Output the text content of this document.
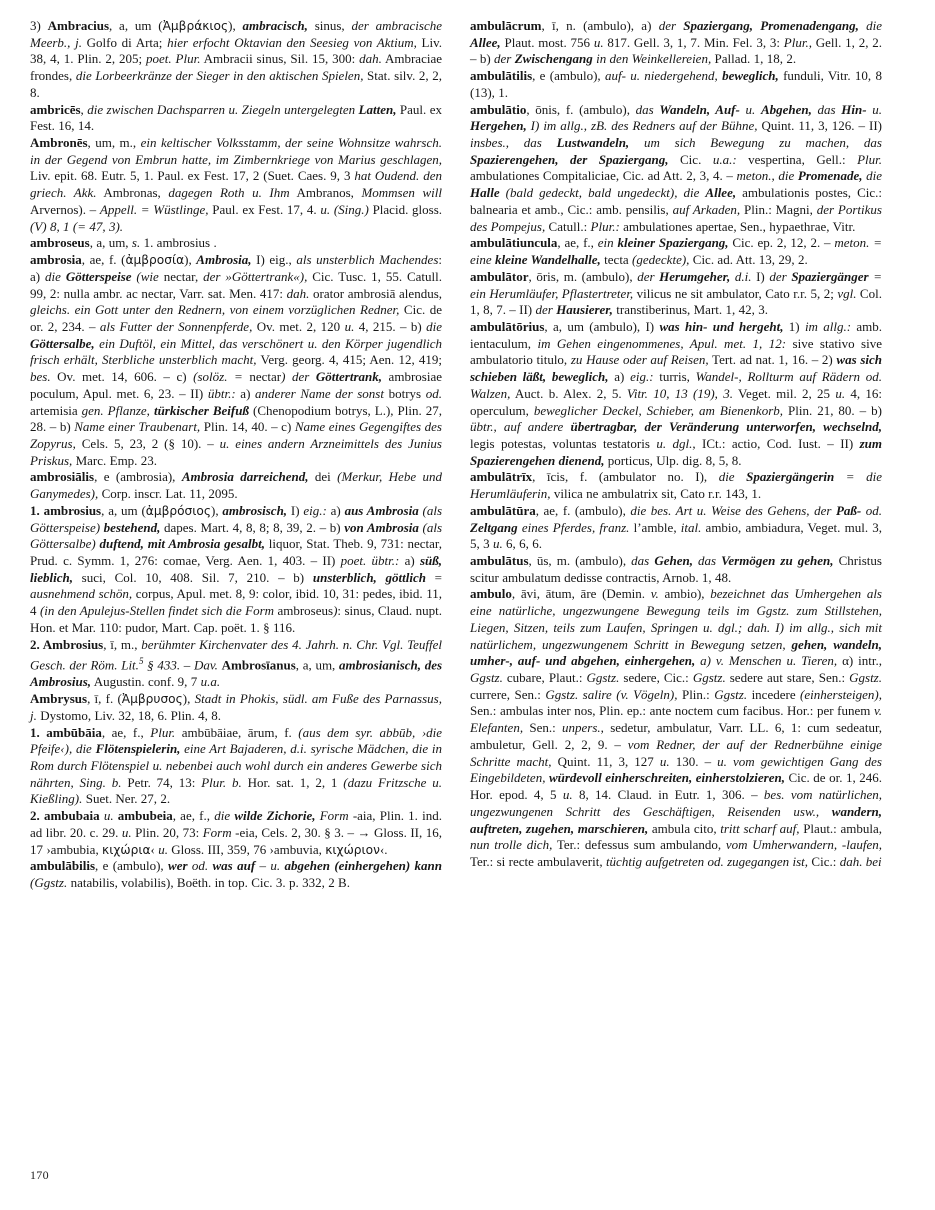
3) Ambracius, a, um (Ἀμβράκιος), ambracisch, sinus, der ambracische Meerb., j. Golfo di Arta; hier erfocht Oktavian den Seesieg von Aktium, Liv. 38, 4, 1. Plin. 2, 205; poet. Plur. Ambracii sinus, Sil. 15, 300: dah. Ambraciae frondes, die Lorbeerkränze der Sieger in den aktischen Spielen, Stat. silv. 2, 2, 8.

ambricēs, die zwischen Dachsparren u. Ziegeln untergelegten Latten, Paul. ex Fest. 16, 14.

Ambronēs, um, m., ein keltischer Volksstamm, der seine Wohnsitze wahrsch. in der Gegend von Embrun hatte, im Zimbernkriege von Marius geschlagen, Liv. epit. 68. Eutr. 5, 1. Paul. ex Fest. 17, 2 (Suet. Caes. 9, 3 hat Oudend. den griech. Akk. Ambronas, dagegen Roth u. Ihm Ambranos, Mommsen will Arvernos). – Appell. = Wüstlinge, Paul. ex Fest. 17, 4. u. (Sing.) Placid. gloss. (V) 8, 1 (= 47, 3).

ambroseus, a, um, s. 1. ambrosius .

ambrosia, ae, f. (ἀμβροσία), Ambrosia, I) eig., als unsterblich Machendes: a) die Götterspeise (wie nectar, der »Göttertrank«), Cic. Tusc. 1, 55. Catull. 99, 2: nulla ambr. ac nectar, Varr. sat. Men. 417: dah. orator ambrosiā alendus, gleichs. ein Gott unter den Rednern, von einem vorzüglichen Redner, Cic. de or. 2, 234. – als Futter der Sonnenpferde, Ov. met. 2, 120 u. 4, 215. – b) die Göttersalbe, ein Duftöl, ein Mittel, das verschönert u. den Körper jugendlich frisch erhält, Sterbliche unsterblich macht, Verg. georg. 4, 415; Aen. 12, 419; bes. Ov. met. 14, 606. – c) (solöz. = nectar) der Göttertrank, ambrosiae poculum, Apul. met. 6, 23. – II) übtr.: a) anderer Name der sonst botrys od. artemisia gen. Pflanze, türkischer Beifuß (Chenopodium botrys, L.), Plin. 27, 28. – b) Name einer Traubenart, Plin. 14, 40. – c) Name eines Gegengiftes des Zopyrus, Cels. 5, 23, 2 (§ 10). – u. eines andern Arzneimittels des Junius Priskus, Marc. Emp. 23.

ambrosiālis, e (ambrosia), Ambrosia darreichend, dei (Merkur, Hebe und Ganymedes), Corp. inscr. Lat. 11, 2095.

1. ambrosius, a, um (ἀμβρόσιος), ambrosisch, I) eig.: a) aus Ambrosia (als Götterspeise) bestehend, dapes. Mart. 4, 8, 8; 8, 39, 2. – b) von Ambrosia (als Göttersalbe) duftend, mit Ambrosia gesalbt, liquor, Stat. Theb. 9, 731: nectar, Prud. c. Symm. 1, 276: comae, Verg. Aen. 1, 403. – II) poet. übtr.: a) süß, lieblich, suci, Col. 10, 408. Sil. 7, 210. – b) unsterblich, göttlich = ausnehmend schön, corpus, Apul. met. 8, 9: color, ibid. 10, 31: pedes, ibid. 11, 4 (in den Apulejus-Stellen findet sich die Form ambroseus): sinus, Claud. nupt. Hon. et Mar. 110: pudor, Mart. Cap. poët. 1. § 116.

2. Ambrosius, ī, m., berühmter Kirchenvater des 4. Jahrh. n. Chr. Vgl. Teuffel Gesch. der Röm. Lit.$^5$ § 433. – Dav. Ambrosīanus, a, um, ambrosianisch, des Ambrosius, Augustin. conf. 9, 7 u.a.

Ambrysus, ī, f. (Ἀμβρυσος), Stadt in Phokis, südl. am Fuße des Parnassus, j. Dystomo, Liv. 32, 18, 6. Plin. 4, 8.

1. ambūbāia, ae, f., Plur. ambūbāiae, ārum, f. (aus dem syr. abbūb, ›die Pfeife‹), die Flötenspielerin, eine Art Bajaderen, d.i. syrische Mädchen, die in Rom durch Flötenspiel u. nebenbei auch wohl durch ein anderes Gewerbe sich nährten, Sing. b. Petr. 74, 13: Plur. b. Hor. sat. 1, 2, 1 (dazu Fritzsche u. Kießling). Suet. Ner. 27, 2.

2. ambubaia u. ambubeia, ae, f., die wilde Zichorie, Form -aia, Plin. 1. ind. ad libr. 20. c. 29. u. Plin. 20, 73: Form -eia, Cels. 2, 30. § 3. – → Gloss. II, 16, 17 ›ambubia, κιχώρια‹ u. Gloss. III, 359, 76 ›ambuvia, κιχώριον‹.

ambulābilis, e (ambulo), wer od. was auf – u. abgehen (einhergehen) kann (Ggstz. natabilis, volabilis), Boëth. in top. Cic. 3. p. 332, 2 B.

ambulācrum, ī, n. (ambulo), a) der Spaziergang, Promenadengang, die Allee, Plaut. most. 756 u. 817. Gell. 3, 1, 7. Min. Fel. 3, 3: Plur., Gell. 1, 2, 2. – b) der Zwischengang in den Weinkellereien, Pallad. 1, 18, 2.

ambulātilis, e (ambulo), auf- u. niedergehend, beweglich, funduli, Vitr. 10, 8 (13), 1.

ambulātio, ōnis, f. (ambulo), das Wandeln, Auf- u. Abgehen, das Hin- u. Hergehen, I) im allg., zB. des Redners auf der Bühne, Quint. 11, 3, 126. – II) insbes., das Lustwandeln, um sich Bewegung zu machen, das Spazierengehen, der Spaziergang, Cic. u.a.: vespertina, Gell.: Plur. ambulationes Compitaliciae, Cic. ad Att. 2, 3, 4. – meton., die Promenade, die Halle (bald gedeckt, bald ungedeckt), die Allee, ambulationis postes, Cic.: balnearia et amb., Cic.: amb. pensilis, auf Arkaden, Plin.: Magni, der Portikus des Pompejus, Catull.: Plur.: ambulationes apertae, Sen., hypaethrae, Vitr.

ambulātiuncula, ae, f., ein kleiner Spaziergang, Cic. ep. 2, 12, 2. – meton. = eine kleine Wandelhalle, tecta (gedeckte), Cic. ad. Att. 13, 29, 2.

ambulātor, ōris, m. (ambulo), der Herumgeher, d.i. I) der Spaziergänger = ein Herumläufer, Pflastertreter, vilicus ne sit ambulator, Cato r.r. 5, 2; vgl. Col. 1, 8, 7. – II) der Hausierer, transtiberinus, Mart. 1, 42, 3.

ambulātōrius, a, um (ambulo), I) was hin- und hergeht, 1) im allg.: amb. ientaculum, im Gehen eingenommenes, Apul. met. 1, 12: sive stativo sive ambulatorio titulo, zu Hause oder auf Reisen, Tert. ad nat. 1, 16. – 2) was sich schieben läßt, beweglich, a) eig.: turris, Wandel-, Rollturm auf Rädern od. Walzen, Auct. b. Alex. 2, 5. Vitr. 10, 13 (19), 3. Veget. mil. 2, 25 u. 4, 16: operculum, beweglicher Deckel, Schieber, am Bienenkorb, Plin. 21, 80. – b) übtr., auf andere übertragbar, der Veränderung unterworfen, wechselnd, legis potestas, voluntas testatoris u. dgl., ICt.: actio, Cod. Iust. – II) zum Spazierengehen dienend, porticus, Ulp. dig. 8, 5, 8.

ambulātrīx, īcis, f. (ambulator no. I), die Spaziergängerin = die Herumläuferin, vilica ne ambulatrix sit, Cato r.r. 143, 1.

ambulātūra, ae, f. (ambulo), die bes. Art u. Weise des Gehens, der Paß- od. Zeltgang eines Pferdes, franz. l’amble, ital. ambio, ambiadura, Veget. mul. 3, 5, 3 u. 6, 6, 6.

ambulātus, ūs, m. (ambulo), das Gehen, das Vermögen zu gehen, Christus scitur ambulatum dedisse contractis, Arnob. 1, 48.

ambulo, āvi, ātum, āre (Demin. v. ambio), bezeichnet das Umhergehen als eine natürliche, ungezwungene Bewegung teils im Ggstz. zum Stillstehen, Liegen, Sitzen, teils zum Laufen, Springen u. dgl.; dah. I) im allg., sich mit natürlichem, ungezwungenem Schritt in Bewegung setzen, gehen, wandeln, umher-, auf- und abgehen, einhergehen, a) v. Menschen u. Tieren, α) intr., Ggstz. cubare, Plaut.: Ggstz. sedere, Cic.: Ggstz. sedere aut stare, Sen.: Ggstz. currere, Sen.: Ggstz. salire (v. Vögeln), Plin.: Ggstz. incedere (einhersteigen), Sen.: ambulas inter nos, Plin. ep.: ante noctem cum facibus. Hor.: per funem v. Elefanten, Sen.: unpers., sedetur, ambulatur, Varr. LL. 6, 1: cum sedeatur, ambuletur, Gell. 2, 2, 9. – vom Redner, der auf der Rednerbühne einige Schritte macht, Quint. 11, 3, 127 u. 130. – u. vom gewichtigen Gang des Eingebildeten, würdevoll einherschreiten, einherstolzieren, Cic. de or. 1, 246. Hor. epod. 4, 5 u. 8, 14. Claud. in Eutr. 1, 306. – bes. vom natürlichen, ungezwungenen Schritt des Geschäftigen, Reisenden usw., wandern, auftreten, zugehen, marschieren, ambula cito, tritt scharf auf, Plaut.: ambula, nun trolle dich, Ter.: defessus sum ambulando, vom Umherwandern, -laufen, Ter.: si recte ambulaverit, tüchtig aufgetreten od. zugegangen ist, Cic.: dah. bei

170
